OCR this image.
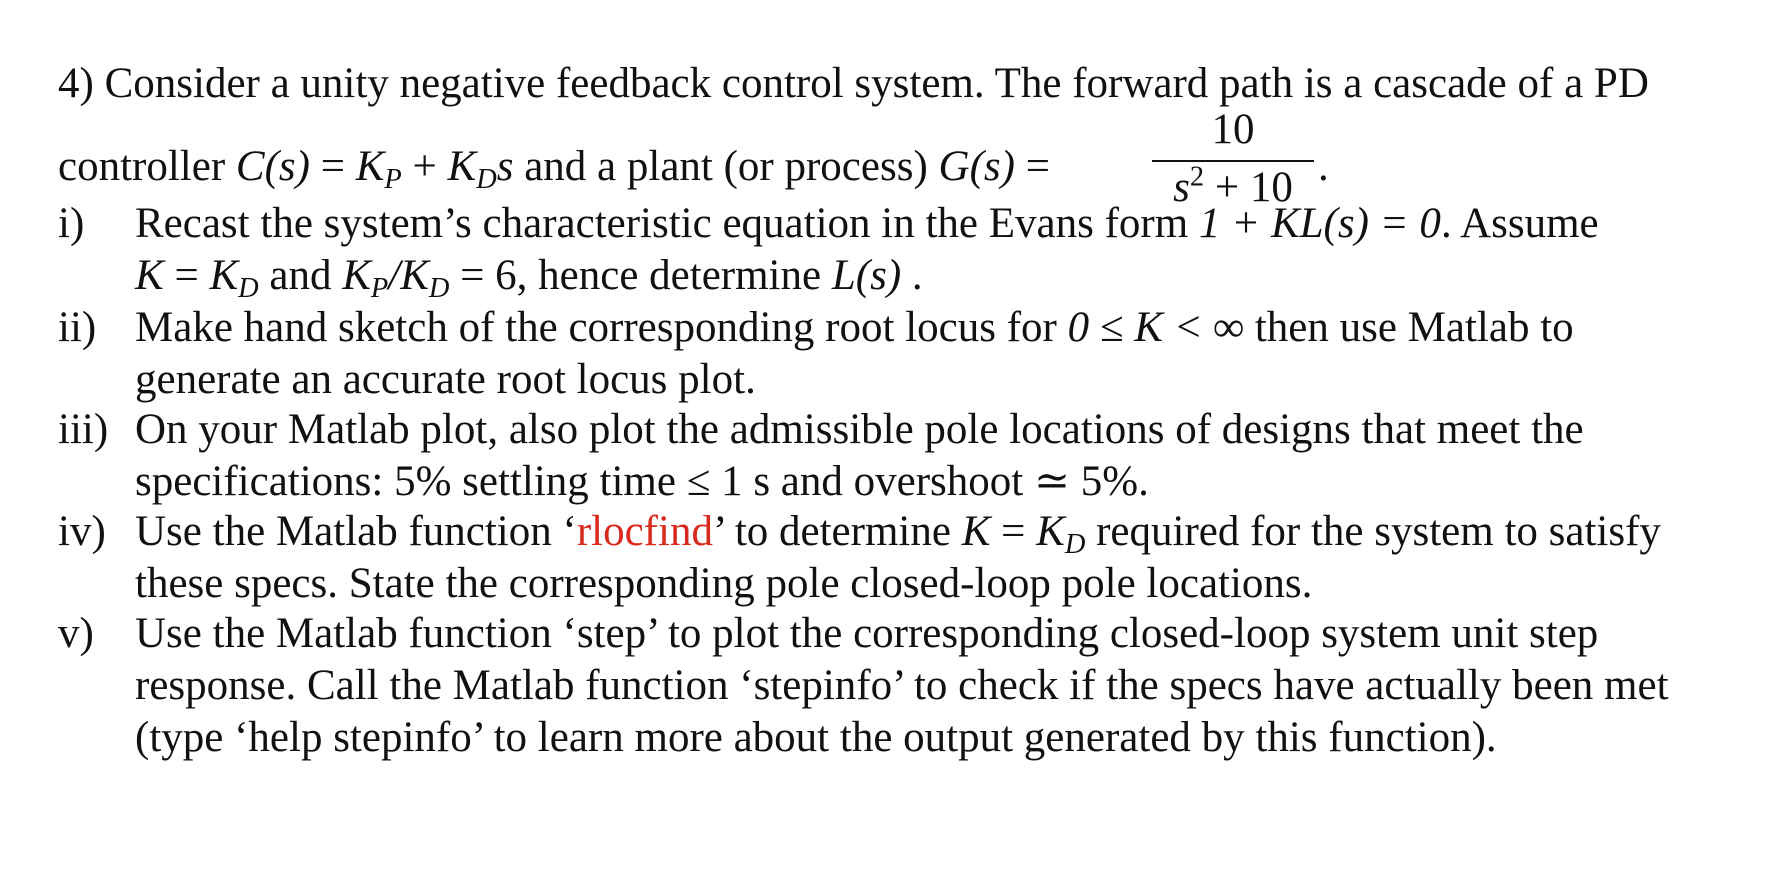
4) Consider a unity negative feedback control system. The forward path is a cascade of a PD
controller $C(s) = K_P + K_Ds$ and a plant (or process) G(s) =
10
$s^2 + 10$ .
i) Recast the system’s characteristic equation in the Evans form 1 + KL(s) = 0. Assume
$K = K_D$ and $K_P/K_D = 6$, hence determine L(s) .
ii) Make hand sketch of the corresponding root locus for 0 ≤ K < ∞ then use Matlab to
generate an accurate root locus plot.
iii) On your Matlab plot, also plot the admissible pole locations of designs that meet the
specifications: 5% settling time ≤ 1 s and overshoot ≃ 5%.
iv) Use the Matlab function ‘rlocfind’ to determine $K = K_D$ required for the system to satisfy
these specs. State the corresponding pole closed-loop pole locations.
v) Use the Matlab function ‘step’ to plot the corresponding closed-loop system unit step
response. Call the Matlab function ‘stepinfo’ to check if the specs have actually been met
(type ‘help stepinfo’ to learn more about the output generated by this function).
